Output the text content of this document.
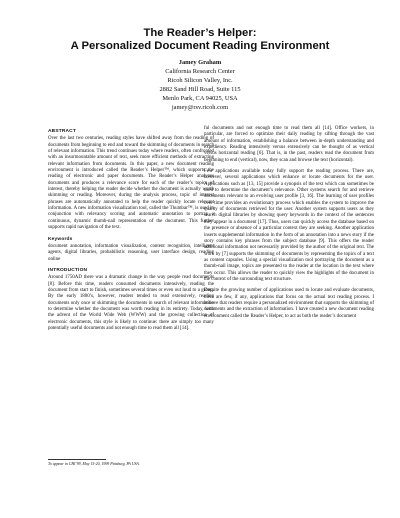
The Reader’s Helper:
A Personalized Document Reading Environment
Jamey Graham
California Research Center
Ricoh Silicon Valley, Inc.
2882 Sand Hill Road, Suite 115
Menlo Park, CA 94025, USA
jamey@rsv.ricoh.com
ABSTRACT

Over the last two centuries, reading styles have shifted away from the reading of documents from beginning to end and toward the skimming of documents in search of relevant information. This trend continues today where readers, often confronted with an insurmountable amount of text, seek more efficient methods of extracting relevant information from documents. In this paper, a new document reading environment is introduced called the Reader’s Helper™, which supports the reading of electronic and paper documents. The Reader’s Helper analyzes documents and produces a relevance score for each of the reader’s topics of interest, thereby helping the reader decide whether the document is actually worth skimming or reading. Moreover, during the analysis process, topic of interest phrases are automatically annotated to help the reader quickly locate relevant information. A new information visualization tool, called the Thumbar™, is used in conjunction with relevancy scoring and automatic annotation to portray a continuous, dynamic thumb-nail representation of the document. This further supports rapid navigation of the text.

Keywords

document annotation, information visualization, content recognition, intelligent agents, digital libraries, probabilistic reasoning, user interface design, reading online

INTRODUCTION

Around 1750AD there was a dramatic change in the way people read documents [8]. Before this time, readers consumed documents intensively, reading the document from start to finish, sometimes several times or even out loud to a group. By the early 1800’s, however, readers tended to read extensively, reading documents only once or skimming the documents in search of relevant information to determine whether the document was worth reading in its entirety. Today, with the advent of the World Wide Web (WWW) and the growing collection of electronic documents, this style is likely to continue: there are simply too many potentially useful documents and not enough time to read them all [14].

ful documents and not enough time to read them all [14]. Office workers, in particular, are forced to optimize their daily reading by sifting through the vast amount of information, establishing a balance between in-depth understanding and expediency. Reading intensively versus extensively can be thought of as vertical versus horizontal reading [6]. That is, in the past, readers read the document from beginning to end (vertical), now, they scan and browse the text (horizontal).

Few applications available today fully support the reading process. There are, however, several applications which enhance or locate documents for the user. Applications such as [13, 15] provide a synopsis of the text which can sometimes be used to determine the document’s relevance. Other systems search for and retrieve documents relevant to an evolving user profile [3, 16]. The learning of user profiles over time provides an evolutionary process which enables the system to improve the quality of documents retrieved for the user. Another system supports users as they search digital libraries by showing query keywords in the context of the sentences they appear in a document [17]. Thus, users can quickly access the database based on the presence or absence of a particular context they are seeking. Another application inserts supplemental information in the form of an annotation into a news story if the story contains key phrases from the subject database [9]. This offers the reader additional information not necessarily provided by the author of the original text. The work by [7] supports the skimming of documents by representing the topics of a text as content capsules. Using a special visualization tool portraying the document as a thumb-nail image, topics are presented to the reader at the location in the text where they occur. This allows the reader to quickly view the highlights of the document in the context of the surrounding text structure.

Despite the growing number of applications used to locate and evaluate documents, there are few, if any, applications that focus on the actual text reading process. I believe that readers require a personalized environment that supports the skimming of documents and the extraction of information. I have created a new document reading environment called the Reader’s Helper, to act as both the reader’s document

To appear in CHI’99, May 15-20, 1999 Pittsburg, PA USA.
